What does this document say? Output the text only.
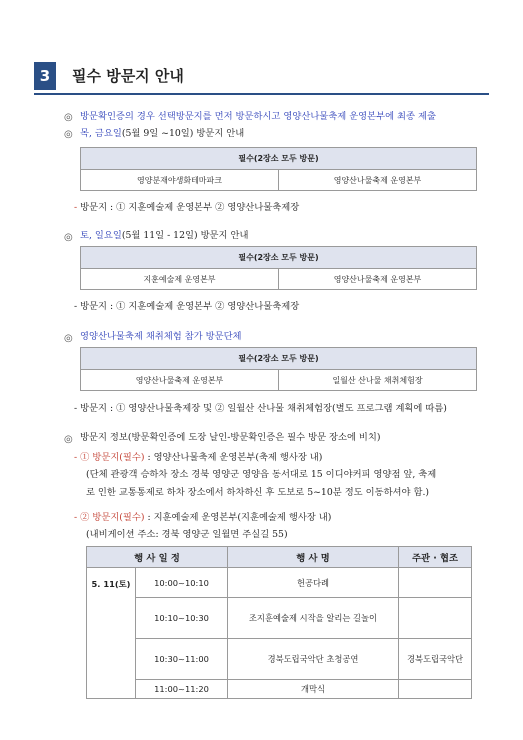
3	필수 방문지 안내
◎ 방문확인증의 경우 선택방문지를 먼저 방문하시고 영양산나물축제 운영본부에 최종 제출
◎ 목, 금요일(5월 9일 ~10일) 방문지 안내
필수(2장소 모두 방문)
영양분재야생화테마파크	영양산나물축제 운영본부
- 방문지 : ① 지훈예술제 운영본부 ② 영양산나물축제장
◎ 토, 일요일(5월 11일 - 12일) 방문지 안내
필수(2장소 모두 방문)
지훈예술제 운영본부	영양산나물축제 운영본부
- 방문지 : ① 지훈예술제 운영본부 ② 영양산나물축제장
◎ 영양산나물축제 채취체험 참가 방문단체
필수(2장소 모두 방문)
영양산나물축제 운영본부	일월산 산나물 채취체험장
- 방문지 : ① 영양산나물축제장 및 ② 일월산 산나물 채취체험장(별도 프로그램 계획에 따름)
◎ 방문지 정보(방문확인증에 도장 날인-방문확인증은 필수 방문 장소에 비치)
- ① 방문지(필수) : 영양산나물축제 운영본부(축제 행사장 내)
(단체 관광객 승하차 장소 경북 영양군 영양읍 동서대로 15 이디야커피 영양점 앞, 축제
로 인한 교통통제로 하차 장소에서 하차하신 후 도보로 5~10분 정도 이동하셔야 함.)
- ② 방문지(필수) : 지훈예술제 운영본부(지훈예술제 행사장 내)
(내비게이션 주소: 경북 영양군 일월면 주실길 55)
행 사 일 정		행 사 명	주관 · 협조
5. 11(토)	10:00~10:10	헌공다례	
	10:10~10:30	조지훈예술제 시작을 알리는 길놀이	
	10:30~11:00	경북도립국악단 초청공연	경북도립국악단
	11:00~11:20	개막식	
